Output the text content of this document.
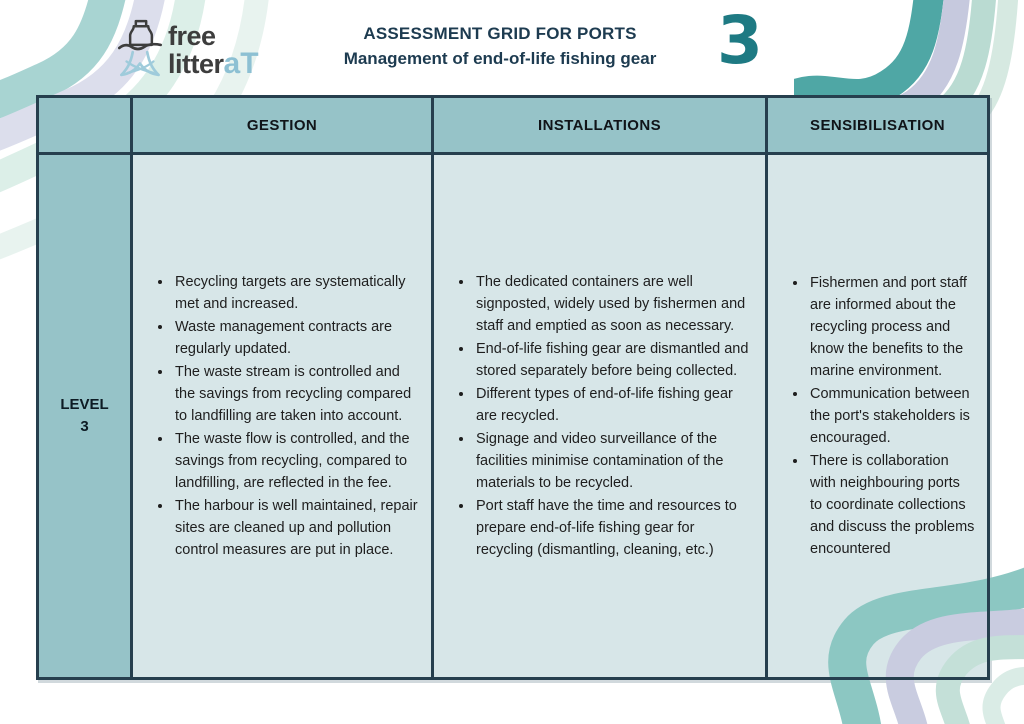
free
litteraT
ASSESSMENT GRID FOR PORTS
Management of end-of-life fishing gear 3
GESTION	INSTALLATIONS	SENSIBILISATION
LEVEL
3
• Recycling targets are systematically met and increased.
• Waste management contracts are regularly updated.
• The waste stream is controlled and the savings from recycling compared to landfilling are taken into account.
• The waste flow is controlled, and the savings from recycling, compared to landfilling, are reflected in the fee.
• The harbour is well maintained, repair sites are cleaned up and pollution control measures are put in place.
• The dedicated containers are well signposted, widely used by fishermen and staff and emptied as soon as necessary.
• End-of-life fishing gear are dismantled and stored separately before being collected.
• Different types of end-of-life fishing gear are recycled.
• Signage and video surveillance of the facilities minimise contamination of the materials to be recycled.
• Port staff have the time and resources to prepare end-of-life fishing gear for recycling (dismantling, cleaning, etc.)
• Fishermen and port staff are informed about the recycling process and know the benefits to the marine environment.
• Communication between the port's stakeholders is encouraged.
• There is collaboration with neighbouring ports to coordinate collections and discuss the problems encountered
